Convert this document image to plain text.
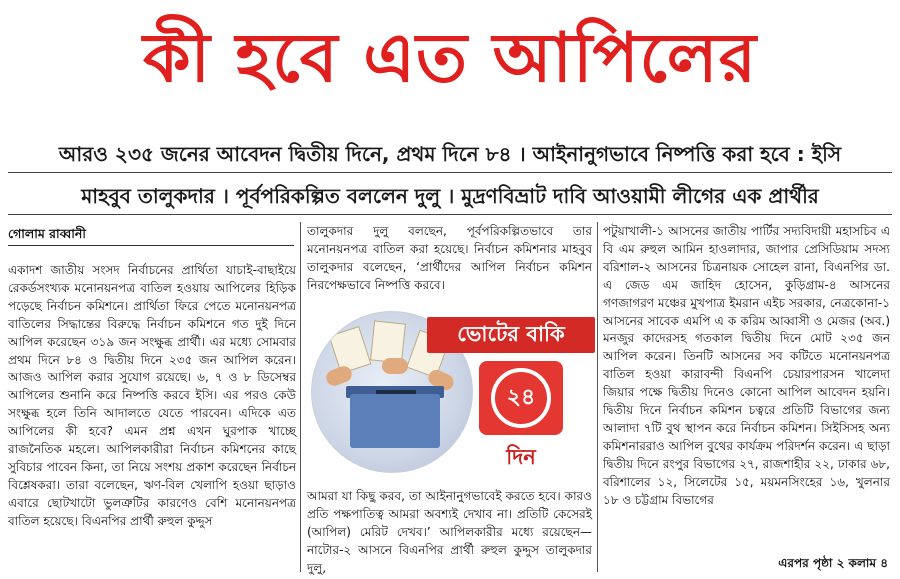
কী হবে এত আপিলের
আরও ২৩৫ জনের আবেদন দ্বিতীয় দিনে, প্রথম দিনে ৮৪ । আইনানুগভাবে নিষ্পত্তি করা হবে : ইসি
মাহবুব তালুকদার । পূর্বপরিকল্পিত বললেন দুলু । মুদ্রণবিভ্রাট দাবি আওয়ামী লীগের এক প্রার্থীর
গোলাম রাব্বানী

একাদশ জাতীয় সংসদ নির্বাচনের প্রার্থিতা যাচাই-বাছাইয়ে রেকর্ডসংখ্যক মনোনয়নপত্র বাতিল হওয়ায় আপিলের হিড়িক পড়েছে নির্বাচন কমিশনে। প্রার্থিতা ফিরে পেতে মনোনয়নপত্র বাতিলের সিদ্ধান্তের বিরুদ্ধে নির্বাচন কমিশনে গত দুই দিনে আপিল করেছেন ৩১৯ জন সংক্ষুব্ধ প্রার্থী। এর মধ্যে সোমবার প্রথম দিনে ৮৪ ও দ্বিতীয় দিনে ২৩৫ জন আপিল করেন। আজও আপিল করার সুযোগ রয়েছে। ৬, ৭ ও ৮ ডিসেম্বর আপিলের শুনানি করে নিষ্পত্তি করবে ইসি। এর পরও কেউ সংক্ষুব্ধ হলে তিনি আদালতে যেতে পারবেন। এদিকে এত আপিলের কী হবে? এমন প্রশ্ন এখন ঘুরপাক খাচ্ছে রাজনৈতিক মহলে। আপিলকারীরা নির্বাচন কমিশনের কাছে সুবিচার পাবেন কিনা, তা নিয়ে সংশয় প্রকাশ করেছেন নির্বাচন বিশ্লেষকরা। তারা বলেছেন, ঋণ-বিল খেলাপি হওয়া ছাড়াও এবারে ছোটখাটো ভুলত্রুটির কারণেও বেশি মনোনয়নপত্র বাতিল হয়েছে। বিএনপির প্রার্থী রুহুল কুদ্দুস

তালুকদার দুলু বলছেন, পূর্বপরিকল্পিতভাবে তার মনোনয়নপত্র বাতিল করা হয়েছে। নির্বাচন কমিশনার মাহবুব তালুকদার বলেছেন, ‘প্রার্থীদের আপিল নির্বাচন কমিশন নিরপেক্ষভাবে নিষ্পত্তি করবে।

ভোটের বাকি
২৪
দিন

আমরা যা কিছু করব, তা আইনানুগভাবেই করতে হবে। কারও প্রতি পক্ষপাতিত্ব আমরা অবশ্যই দেখাব না। প্রতিটি কেসেরই (আপিল) মেরিট দেখব।’ আপিলকারীর মধ্যে রয়েছেন— নাটোর-২ আসনে বিএনপির প্রার্থী রুহুল কুদ্দুস তালুকদার দুলু,

পটুয়াখালী-১ আসনের জাতীয় পার্টির সদ্যবিদায়ী মহাসচিব এ বি এম রুহুল আমিন হাওলাদার, জাপার প্রেসিডিয়াম সদস্য বরিশাল-২ আসনের চিত্রনায়ক সোহেল রানা, বিএনপির ডা. এ জেড এম জাহিদ হোসেন, কুড়িগ্রাম-৪ আসনের গণজাগরণ মঞ্চের মুখপাত্র ইমরান এইচ সরকার, নেত্রকোনা-১ আসনের সাবেক এমপি এ ক করিম আব্বাসী ও মেজর (অব.) মনজুর কাদেরসহ গতকাল দ্বিতীয় দিনে মোট ২৩৫ জন আপিল করেন। তিনটি আসনের সব কটিতে মনোনয়নপত্র বাতিল হওয়া কারাবন্দী বিএনপি চেয়ারপারসন খালেদা জিয়ার পক্ষে দ্বিতীয় দিনেও কোনো আপিল আবেদন হয়নি। দ্বিতীয় দিনে নির্বাচন কমিশন চত্বরে প্রতিটি বিভাগের জন্য আলাদা ৭টি বুথ স্থাপন করে নির্বাচন কমিশন। সিইসিসহ অন্য কমিশনাররাও আপিল বুথের কার্যক্রম পরিদর্শন করেন। এ ছাড়া দ্বিতীয় দিনে রংপুর বিভাগের ২৭, রাজশাহীর ২২, ঢাকার ৬৮, বরিশালের ১২, সিলেটের ১৫, ময়মনসিংহের ১৬, খুলনার ১৮ ও চট্টগ্রাম বিভাগের

এরপর পৃষ্ঠা ২ কলাম ৪
